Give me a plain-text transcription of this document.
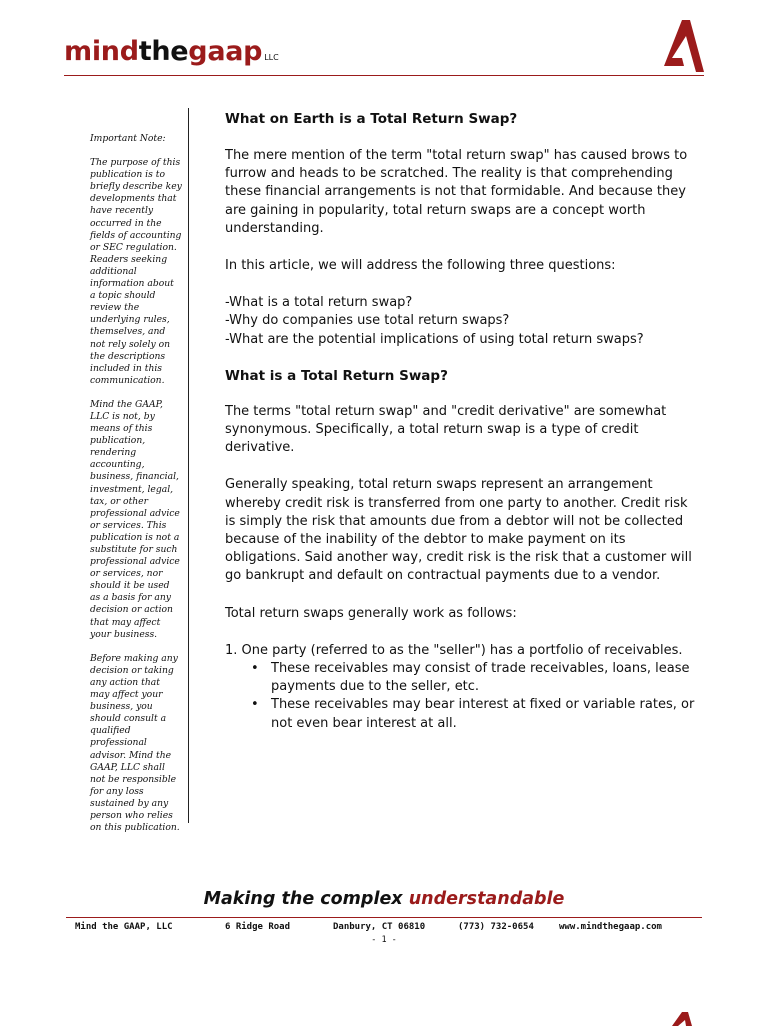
mindthegaap LLC

Important Note:

The purpose of this publication is to briefly describe key developments that have recently occurred in the fields of accounting or SEC regulation. Readers seeking additional information about a topic should review the underlying rules, themselves, and not rely solely on the descriptions included in this communication.

Mind the GAAP, LLC is not, by means of this publication, rendering accounting, business, financial, investment, legal, tax, or other professional advice or services. This publication is not a substitute for such professional advice or services, nor should it be used as a basis for any decision or action that may affect your business.

Before making any decision or taking any action that may affect your business, you should consult a qualified professional advisor. Mind the GAAP, LLC shall not be responsible for any loss sustained by any person who relies on this publication.

What on Earth is a Total Return Swap?

The mere mention of the term "total return swap" has caused brows to furrow and heads to be scratched. The reality is that comprehending these financial arrangements is not that formidable. And because they are gaining in popularity, total return swaps are a concept worth understanding.

In this article, we will address the following three questions:

-What is a total return swap?

-Why do companies use total return swaps?

-What are the potential implications of using total return swaps?

What is a Total Return Swap?

The terms "total return swap" and "credit derivative" are somewhat synonymous. Specifically, a total return swap is a type of credit derivative.

Generally speaking, total return swaps represent an arrangement whereby credit risk is transferred from one party to another. Credit risk is simply the risk that amounts due from a debtor will not be collected because of the inability of the debtor to make payment on its obligations. Said another way, credit risk is the risk that a customer will go bankrupt and default on contractual payments due to a vendor.

Total return swaps generally work as follows:

1. One party (referred to as the "seller") has a portfolio of receivables.

• These receivables may consist of trade receivables, loans, lease payments due to the seller, etc.
• These receivables may bear interest at fixed or variable rates, or not even bear interest at all.
Making the complex understandable
Mind the GAAP, LLC	6 Ridge Road	Danbury, CT 06810	(773) 732-0654	www.mindthegaap.com
- 1 -
